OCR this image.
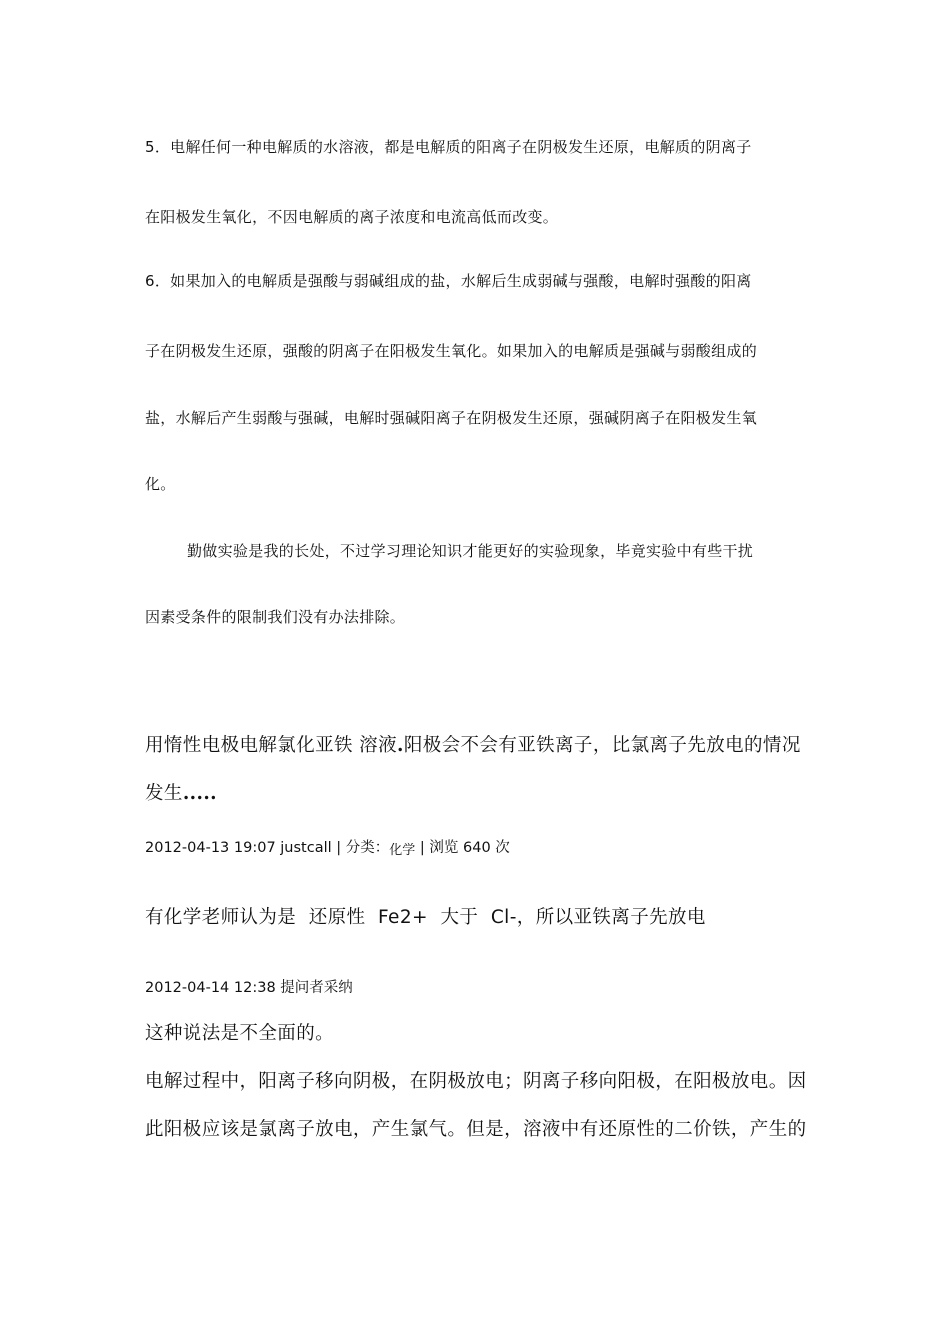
5．电解任何一种电解质的水溶液，都是电解质的阳离子在阴极发生还原，电解质的阴离子
在阳极发生氧化，不因电解质的离子浓度和电流高低而改变。
6．如果加入的电解质是强酸与弱碱组成的盐，水解后生成弱碱与强酸，电解时强酸的阳离
子在阴极发生还原，强酸的阴离子在阳极发生氧化。如果加入的电解质是强碱与弱酸组成的
盐，水解后产生弱酸与强碱，电解时强碱阳离子在阴极发生还原，强碱阴离子在阳极发生氧
化。
勤做实验是我的长处，不过学习理论知识才能更好的实验现象，毕竟实验中有些干扰
因素受条件的限制我们没有办法排除。
用惰性电极电解氯化亚铁 溶液.阳极会不会有亚铁离子，比氯离子先放电的情况
发生.....
2012-04-13 19:07 justcall | 分类：化学 | 浏览 640 次
有化学老师认为是  还原性  Fe2+  大于  Cl-，所以亚铁离子先放电
2012-04-14 12:38 提问者采纳
这种说法是不全面的。
电解过程中，阳离子移向阴极，在阴极放电；阴离子移向阳极，在阳极放电。因
此阳极应该是氯离子放电，产生氯气。但是，溶液中有还原性的二价铁，产生的
